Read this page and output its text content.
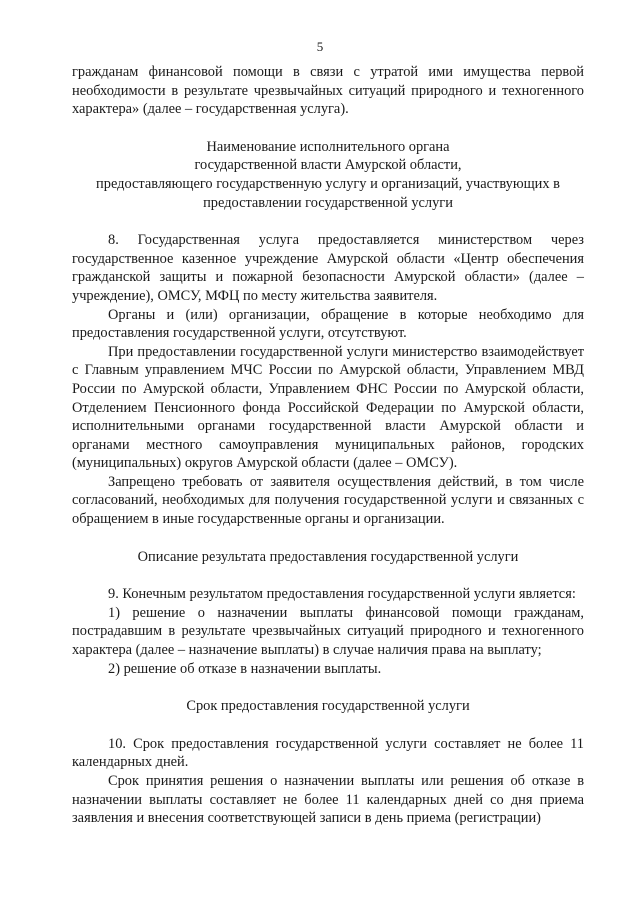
5

гражданам финансовой помощи в связи с утратой ими имущества первой необходимости в результате чрезвычайных ситуаций природного и техногенного характера» (далее – государственная услуга).

Наименование исполнительного органа

государственной власти Амурской области,

предоставляющего государственную услугу и организаций, участвующих в

предоставлении государственной услуги

8. Государственная услуга предоставляется министерством через государственное казенное учреждение Амурской области «Центр обеспечения гражданской защиты и пожарной безопасности Амурской области» (далее – учреждение), ОМСУ, МФЦ по месту жительства заявителя.

Органы и (или) организации, обращение в которые необходимо для предоставления государственной услуги, отсутствуют.

При предоставлении государственной услуги министерство взаимодействует с Главным управлением МЧС России по Амурской области, Управлением МВД России по Амурской области, Управлением ФНС России по Амурской области, Отделением Пенсионного фонда Российской Федерации по Амурской области, исполнительными органами государственной власти Амурской области и органами местного самоуправления муниципальных районов, городских (муниципальных) округов Амурской области (далее – ОМСУ).

Запрещено требовать от заявителя осуществления действий, в том числе согласований, необходимых для получения государственной услуги и связанных с обращением в иные государственные органы и организации.

Описание результата предоставления государственной услуги

9. Конечным результатом предоставления государственной услуги является:

1) решение о назначении выплаты финансовой помощи гражданам, пострадавшим в результате чрезвычайных ситуаций природного и техногенного характера (далее – назначение выплаты) в случае наличия права на выплату;

2) решение об отказе в назначении выплаты.

Срок предоставления государственной услуги

10. Срок предоставления государственной услуги составляет не более 11 календарных дней.

Срок принятия решения о назначении выплаты или решения об отказе в назначении выплаты составляет не более 11 календарных дней со дня приема заявления и внесения соответствующей записи в день приема (регистрации)
